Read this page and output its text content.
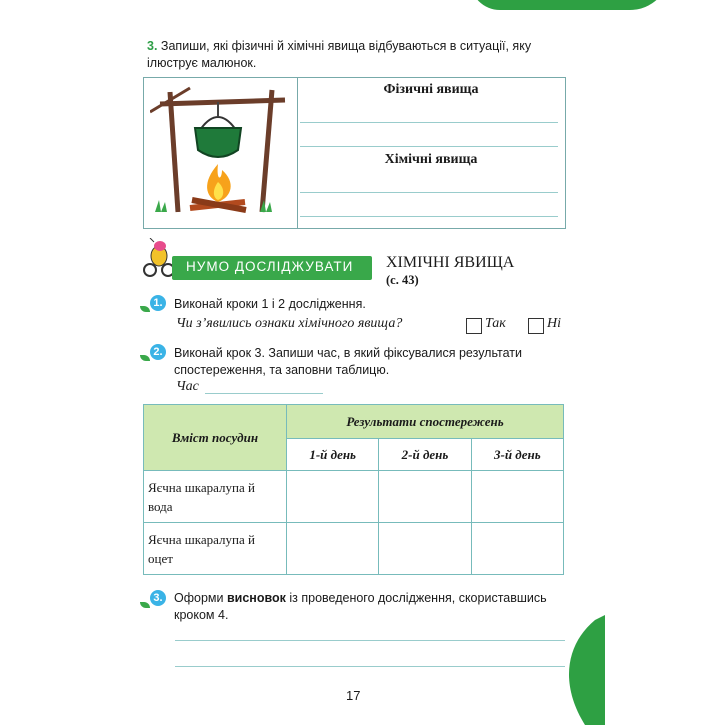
3. Запиши, які фізичні й хімічні явища відбуваються в ситуації, яку ілюструє малюнок.
Фізичні явища
Хімічні явища
НУМО ДОСЛІДЖУВАТИ	ХІМІЧНІ ЯВИЩА
(с. 43)
1. Виконай кроки 1 і 2 дослідження.
Чи з’явились ознаки хімічного явища?	Так	Ні
2. Виконай крок 3. Запиши час, в який фіксувалися результати спостереження, та заповни таблицю.
Час
Вміст посудин	Результати спостережень		
	1-й день	2-й день	3-й день
Яєчна шкаралупа й вода			
Яєчна шкаралупа й оцет			
3. Оформи висновок із проведеного дослідження, скориставшись кроком 4.
17
